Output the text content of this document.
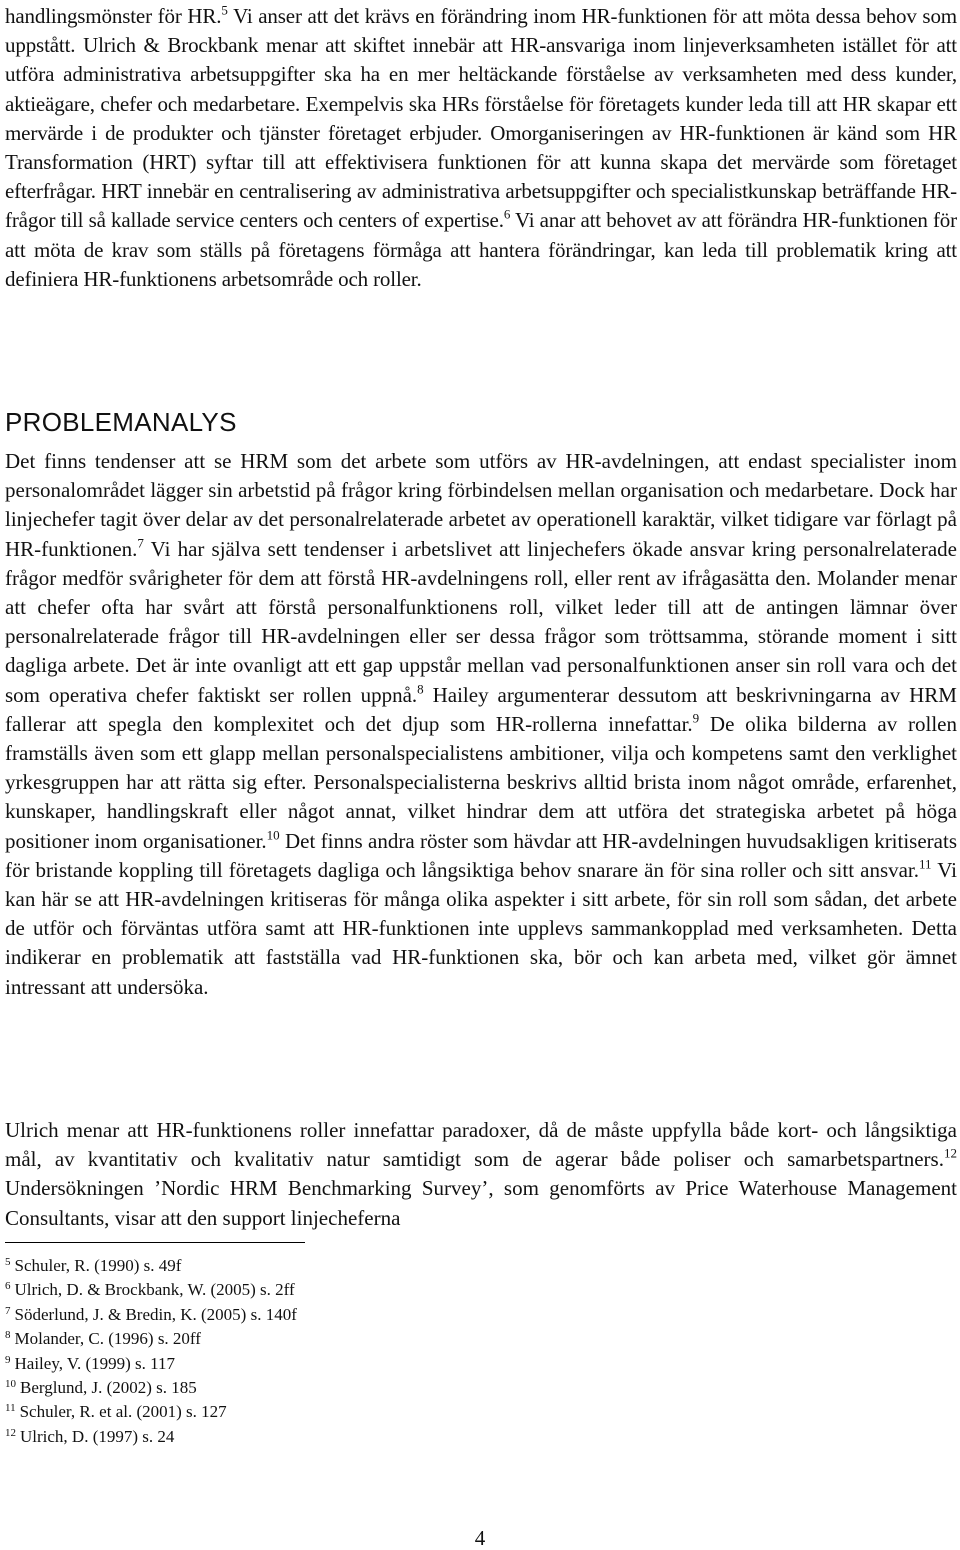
handlingsmönster för HR.$^5$ Vi anser att det krävs en förändring inom HR-funktionen för att möta dessa behov som uppstått. Ulrich & Brockbank menar att skiftet innebär att HR-ansvariga inom linjeverksamheten istället för att utföra administrativa arbetsuppgifter ska ha en mer heltäckande förståelse av verksamheten med dess kunder, aktieägare, chefer och medarbetare. Exempelvis ska HRs förståelse för företagets kunder leda till att HR skapar ett mervärde i de produkter och tjänster företaget erbjuder. Omorganiseringen av HR-funktionen är känd som HR Transformation (HRT) syftar till att effektivisera funktionen för att kunna skapa det mervärde som företaget efterfrågar. HRT innebär en centralisering av administrativa arbetsuppgifter och specialistkunskap beträffande HR-frågor till så kallade service centers och centers of expertise.$^6$ Vi anar att behovet av att förändra HR-funktionen för att möta de krav som ställs på företagens förmåga att hantera förändringar, kan leda till problematik kring att definiera HR-funktionens arbetsområde och roller.

PROBLEMANALYS

Det finns tendenser att se HRM som det arbete som utförs av HR-avdelningen, att endast specialister inom personalområdet lägger sin arbetstid på frågor kring förbindelsen mellan organisation och medarbetare. Dock har linjechefer tagit över delar av det personalrelaterade arbetet av operationell karaktär, vilket tidigare var förlagt på HR-funktionen.$^7$ Vi har själva sett tendenser i arbetslivet att linjechefers ökade ansvar kring personalrelaterade frågor medför svårigheter för dem att förstå HR-avdelningens roll, eller rent av ifrågasätta den. Molander menar att chefer ofta har svårt att förstå personalfunktionens roll, vilket leder till att de antingen lämnar över personalrelaterade frågor till HR-avdelningen eller ser dessa frågor som tröttsamma, störande moment i sitt dagliga arbete. Det är inte ovanligt att ett gap uppstår mellan vad personalfunktionen anser sin roll vara och det som operativa chefer faktiskt ser rollen uppnå.$^8$ Hailey argumenterar dessutom att beskrivningarna av HRM fallerar att spegla den komplexitet och det djup som HR-rollerna innefattar.$^9$ De olika bilderna av rollen framställs även som ett glapp mellan personalspecialistens ambitioner, vilja och kompetens samt den verklighet yrkesgruppen har att rätta sig efter. Personalspecialisterna beskrivs alltid brista inom något område, erfarenhet, kunskaper, handlingskraft eller något annat, vilket hindrar dem att utföra det strategiska arbetet på höga positioner inom organisationer.$^{10}$ Det finns andra röster som hävdar att HR-avdelningen huvudsakligen kritiserats för bristande koppling till företagets dagliga och långsiktiga behov snarare än för sina roller och sitt ansvar.$^{11}$ Vi kan här se att HR-avdelningen kritiseras för många olika aspekter i sitt arbete, för sin roll som sådan, det arbete de utför och förväntas utföra samt att HR-funktionen inte upplevs sammankopplad med verksamheten. Detta indikerar en problematik att fastställa vad HR-funktionen ska, bör och kan arbeta med, vilket gör ämnet intressant att undersöka.

Ulrich menar att HR-funktionens roller innefattar paradoxer, då de måste uppfylla både kort- och långsiktiga mål, av kvantitativ och kvalitativ natur samtidigt som de agerar både poliser och samarbetspartners.$^{12}$ Undersökningen ’Nordic HRM Benchmarking Survey’, som genomförts av Price Waterhouse Management Consultants, visar att den support linjecheferna

$^5$ Schuler, R. (1990) s. 49f
$^6$ Ulrich, D. & Brockbank, W. (2005) s. 2ff
$^7$ Söderlund, J. & Bredin, K. (2005) s. 140f
$^8$ Molander, C. (1996) s. 20ff
$^9$ Hailey, V. (1999) s. 117
$^{10}$ Berglund, J. (2002) s. 185
$^{11}$ Schuler, R. et al. (2001) s. 127
$^{12}$ Ulrich, D. (1997) s. 24
4
